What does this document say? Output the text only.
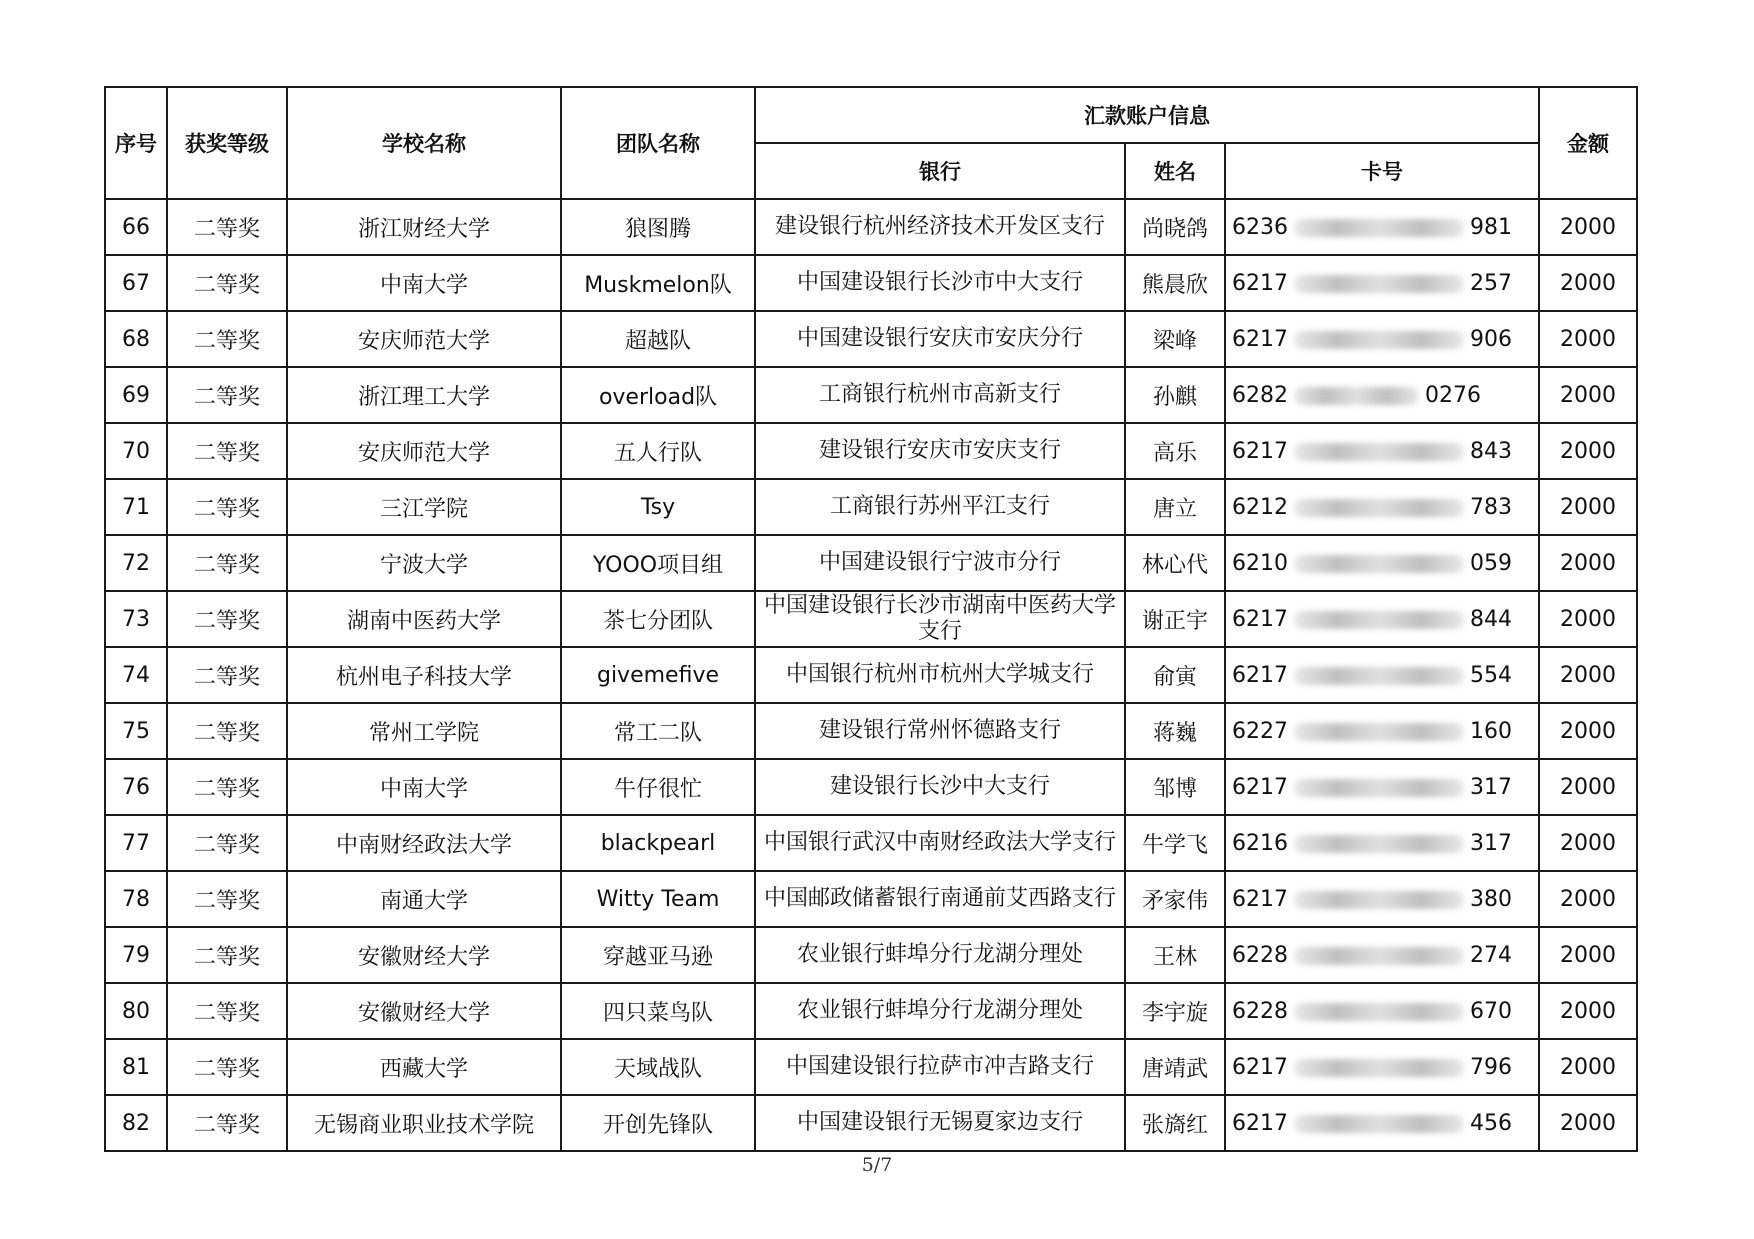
序号	获奖等级	学校名称	团队名称	汇款账户信息			金额
				银行	姓名	卡号	
66	二等奖	浙江财经大学	狼图腾	建设银行杭州经济技术开发区支行	尚晓鸽	6236 981	2000
67	二等奖	中南大学	Muskmelon队	中国建设银行长沙市中大支行	熊晨欣	6217 257	2000
68	二等奖	安庆师范大学	超越队	中国建设银行安庆市安庆分行	梁峰	6217 906	2000
69	二等奖	浙江理工大学	overload队	工商银行杭州市高新支行	孙麒	6282 0276	2000
70	二等奖	安庆师范大学	五人行队	建设银行安庆市安庆支行	高乐	6217 843	2000
71	二等奖	三江学院	Tsy	工商银行苏州平江支行	唐立	6212 783	2000
72	二等奖	宁波大学	YOOO项目组	中国建设银行宁波市分行	林心代	6210 059	2000
73	二等奖	湖南中医药大学	茶七分团队	中国建设银行长沙市湖南中医药大学支行	谢正宇	6217 844	2000
74	二等奖	杭州电子科技大学	givemefive	中国银行杭州市杭州大学城支行	俞寅	6217 554	2000
75	二等奖	常州工学院	常工二队	建设银行常州怀德路支行	蒋巍	6227 160	2000
76	二等奖	中南大学	牛仔很忙	建设银行长沙中大支行	邹博	6217 317	2000
77	二等奖	中南财经政法大学	blackpearl	中国银行武汉中南财经政法大学支行	牛学飞	6216 317	2000
78	二等奖	南通大学	Witty Team	中国邮政储蓄银行南通前艾西路支行	矛家伟	6217 380	2000
79	二等奖	安徽财经大学	穿越亚马逊	农业银行蚌埠分行龙湖分理处	王林	6228 274	2000
80	二等奖	安徽财经大学	四只菜鸟队	农业银行蚌埠分行龙湖分理处	李宇旋	6228 670	2000
81	二等奖	西藏大学	天域战队	中国建设银行拉萨市冲吉路支行	唐靖武	6217 796	2000
82	二等奖	无锡商业职业技术学院	开创先锋队	中国建设银行无锡夏家边支行	张旖红	6217 456	2000
5/7
